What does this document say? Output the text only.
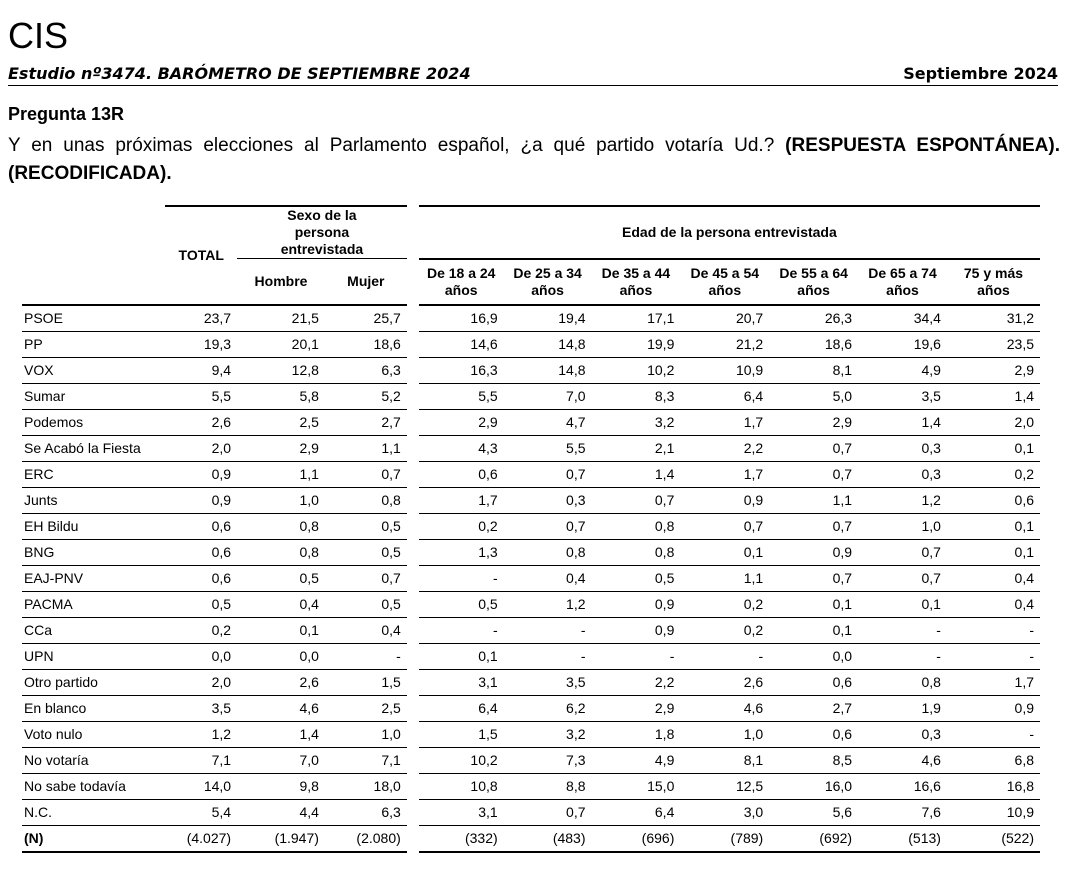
CIS
Estudio nº3474. BARÓMETRO DE SEPTIEMBRE 2024	Septiembre 2024
Pregunta 13R
Y en unas próximas elecciones al Parlamento español, ¿a qué partido votaría Ud.? (RESPUESTA ESPONTÁNEA). (RECODIFICADA).
	TOTAL	Sexo de la persona entrevistada		Edad de la persona entrevistada						
		Hombre	Mujer	De 18 a 24 años	De 25 a 34 años	De 35 a 44 años	De 45 a 54 años	De 55 a 64 años	De 65 a 74 años	75 y más años
PSOE	23,7	21,5	25,7	16,9	19,4	17,1	20,7	26,3	34,4	31,2
PP	19,3	20,1	18,6	14,6	14,8	19,9	21,2	18,6	19,6	23,5
VOX	9,4	12,8	6,3	16,3	14,8	10,2	10,9	8,1	4,9	2,9
Sumar	5,5	5,8	5,2	5,5	7,0	8,3	6,4	5,0	3,5	1,4
Podemos	2,6	2,5	2,7	2,9	4,7	3,2	1,7	2,9	1,4	2,0
Se Acabó la Fiesta	2,0	2,9	1,1	4,3	5,5	2,1	2,2	0,7	0,3	0,1
ERC	0,9	1,1	0,7	0,6	0,7	1,4	1,7	0,7	0,3	0,2
Junts	0,9	1,0	0,8	1,7	0,3	0,7	0,9	1,1	1,2	0,6
EH Bildu	0,6	0,8	0,5	0,2	0,7	0,8	0,7	0,7	1,0	0,1
BNG	0,6	0,8	0,5	1,3	0,8	0,8	0,1	0,9	0,7	0,1
EAJ-PNV	0,6	0,5	0,7	-	0,4	0,5	1,1	0,7	0,7	0,4
PACMA	0,5	0,4	0,5	0,5	1,2	0,9	0,2	0,1	0,1	0,4
CCa	0,2	0,1	0,4	-	-	0,9	0,2	0,1	-	-
UPN	0,0	0,0	-	0,1	-	-	-	0,0	-	-
Otro partido	2,0	2,6	1,5	3,1	3,5	2,2	2,6	0,6	0,8	1,7
En blanco	3,5	4,6	2,5	6,4	6,2	2,9	4,6	2,7	1,9	0,9
Voto nulo	1,2	1,4	1,0	1,5	3,2	1,8	1,0	0,6	0,3	-
No votaría	7,1	7,0	7,1	10,2	7,3	4,9	8,1	8,5	4,6	6,8
No sabe todavía	14,0	9,8	18,0	10,8	8,8	15,0	12,5	16,0	16,6	16,8
N.C.	5,4	4,4	6,3	3,1	0,7	6,4	3,0	5,6	7,6	10,9
(N)	(4.027)	(1.947)	(2.080)	(332)	(483)	(696)	(789)	(692)	(513)	(522)
